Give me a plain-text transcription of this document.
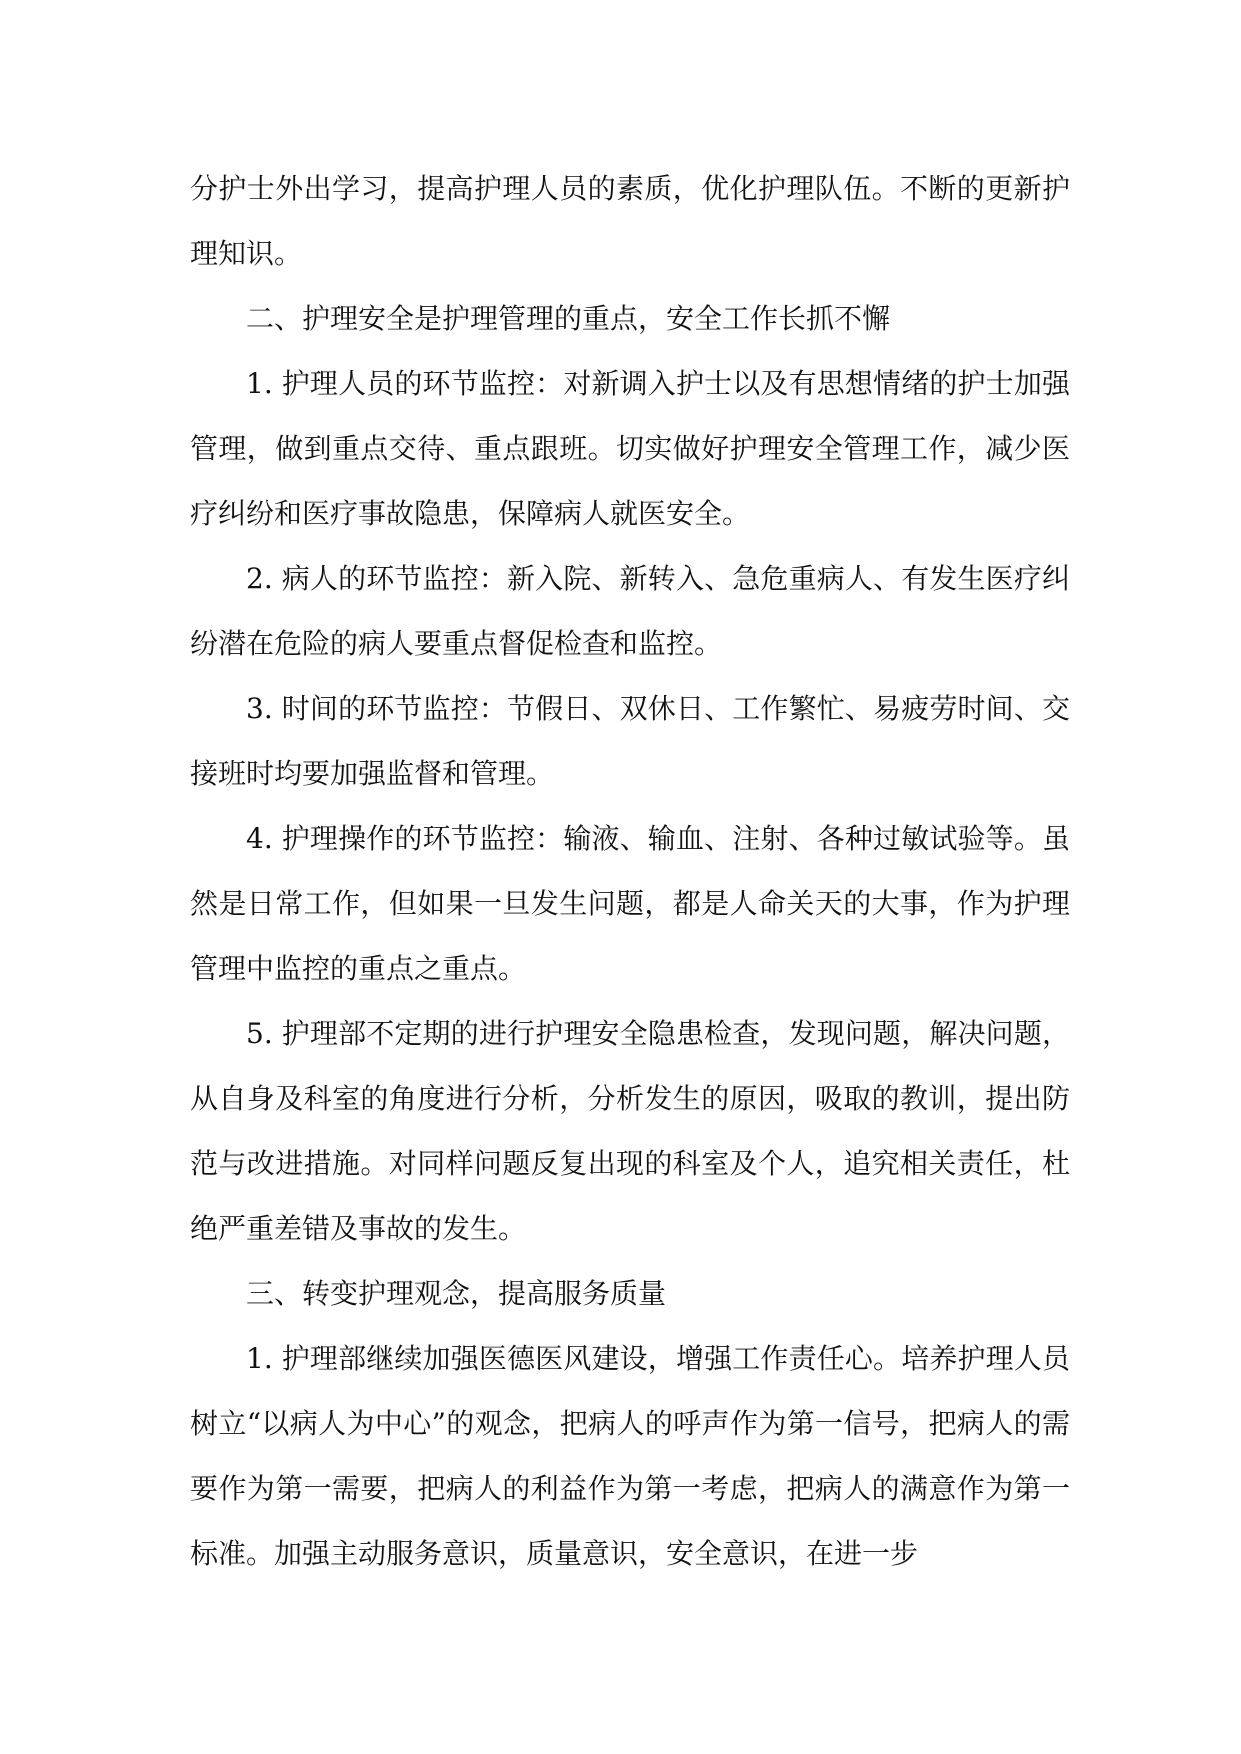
分护士外出学习，提高护理人员的素质，优化护理队伍。不断的更新护理知识。

二、护理安全是护理管理的重点，安全工作长抓不懈

1. 护理人员的环节监控：对新调入护士以及有思想情绪的护士加强管理，做到重点交待、重点跟班。切实做好护理安全管理工作，减少医疗纠纷和医疗事故隐患，保障病人就医安全。

2. 病人的环节监控：新入院、新转入、急危重病人、有发生医疗纠纷潜在危险的病人要重点督促检查和监控。

3. 时间的环节监控：节假日、双休日、工作繁忙、易疲劳时间、交接班时均要加强监督和管理。

4. 护理操作的环节监控：输液、输血、注射、各种过敏试验等。虽然是日常工作，但如果一旦发生问题，都是人命关天的大事，作为护理管理中监控的重点之重点。

5. 护理部不定期的进行护理安全隐患检查，发现问题，解决问题，从自身及科室的角度进行分析，分析发生的原因，吸取的教训，提出防范与改进措施。对同样问题反复出现的科室及个人，追究相关责任，杜绝严重差错及事故的发生。

三、转变护理观念，提高服务质量

1. 护理部继续加强医德医风建设，增强工作责任心。培养护理人员树立“以病人为中心”的观念，把病人的呼声作为第一信号，把病人的需要作为第一需要，把病人的利益作为第一考虑，把病人的满意作为第一标准。加强主动服务意识，质量意识，安全意识，在进一步
